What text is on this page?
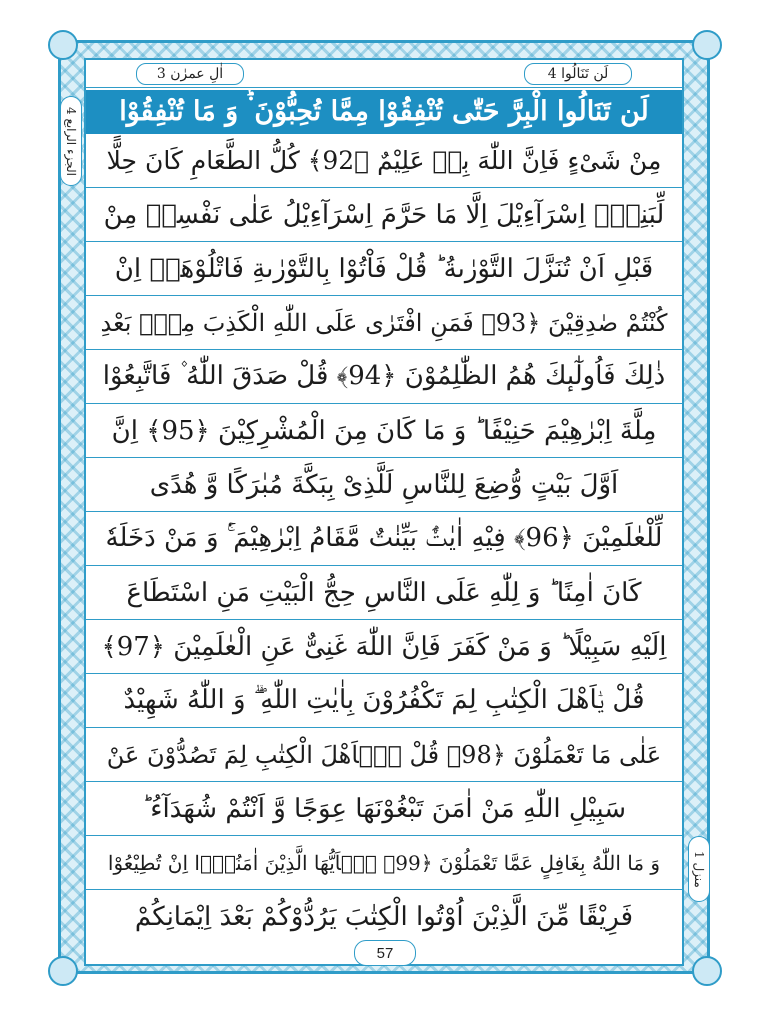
اٰلِ عمرٰن 3	لَن تَنَالُوا 4
لَن تَنَالُوا الْبِرَّ حَتّٰى تُنْفِقُوْا مِمَّا تُحِبُّوْنَ ۬ؕ وَ مَا تُنْفِقُوْا
مِنْ شَیْءٍ فَاِنَّ اللّٰهَ بِهٖ عَلِیْمٌ ﴿92﴾ كُلُّ الطَّعَامِ كَانَ حِلًّا
لِّبَنِیْۤ اِسْرَآءِیْلَ اِلَّا مَا حَرَّمَ اِسْرَآءِیْلُ عَلٰى نَفْسِهٖ مِنْ
قَبْلِ اَنْ تُنَزَّلَ التَّوْرٰىةُ ؕ قُلْ فَاْتُوْا بِالتَّوْرٰىةِ فَاتْلُوْهَاۤ اِنْ
كُنْتُمْ صٰدِقِیْنَ ﴿93﴾ فَمَنِ افْتَرٰى عَلَى اللّٰهِ الْكَذِبَ مِنْۢ بَعْدِ
ذٰلِكَ فَاُولٰٓىٕكَ هُمُ الظّٰلِمُوْنَ ﴿94﴾ قُلْ صَدَقَ اللّٰهُ ۫ فَاتَّبِعُوْا
مِلَّةَ اِبْرٰهِیْمَ حَنِیْفًا ؕ وَ مَا كَانَ مِنَ الْمُشْرِكِیْنَ ﴿95﴾ اِنَّ
اَوَّلَ بَیْتٍ وُّضِعَ لِلنَّاسِ لَلَّذِیْ بِبَكَّةَ مُبٰرَكًا وَّ هُدًى
لِّلْعٰلَمِیْنَ ﴿96﴾ فِیْهِ اٰیٰتٌۢ بَیِّنٰتٌ مَّقَامُ اِبْرٰهِیْمَ ۚ۬ وَ مَنْ دَخَلَهٗ
كَانَ اٰمِنًا ؕ وَ لِلّٰهِ عَلَى النَّاسِ حِجُّ الْبَیْتِ مَنِ اسْتَطَاعَ
اِلَیْهِ سَبِیْلًا ؕ وَ مَنْ كَفَرَ فَاِنَّ اللّٰهَ غَنِیٌّ عَنِ الْعٰلَمِیْنَ ﴿97﴾
قُلْ یٰۤاَهْلَ الْكِتٰبِ لِمَ تَكْفُرُوْنَ بِاٰیٰتِ اللّٰهِ ۖۗ وَ اللّٰهُ شَهِیْدٌ
عَلٰى مَا تَعْمَلُوْنَ ﴿98﴾ قُلْ یٰۤاَهْلَ الْكِتٰبِ لِمَ تَصُدُّوْنَ عَنْ
سَبِیْلِ اللّٰهِ مَنْ اٰمَنَ تَبْغُوْنَهَا عِوَجًا وَّ اَنْتُمْ شُهَدَآءُ ؕ
وَ مَا اللّٰهُ بِغَافِلٍ عَمَّا تَعْمَلُوْنَ ﴿99﴾ یٰۤاَیُّهَا الَّذِیْنَ اٰمَنُوْۤا اِنْ تُطِیْعُوْا
فَرِیْقًا مِّنَ الَّذِیْنَ اُوْتُوا الْكِتٰبَ یَرُدُّوْكُمْ بَعْدَ اِیْمَانِكُمْ
الجزء الرابع 4
منزل 1
57
